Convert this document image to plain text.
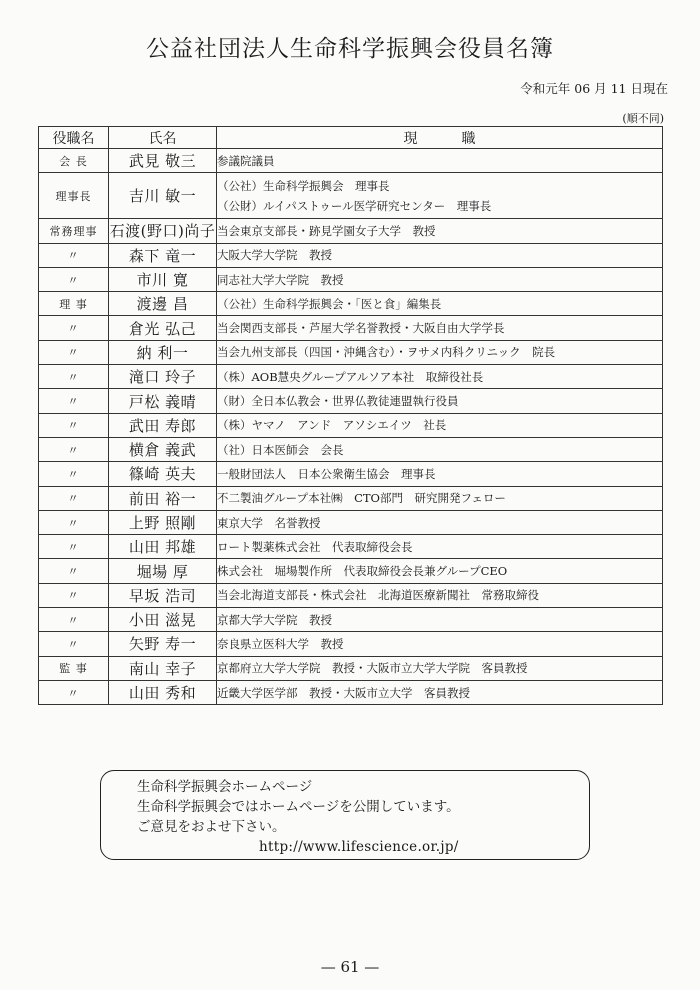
公益社団法人生命科学振興会役員名簿
令和元年 06 月 11 日現在
(順不同)
役職名	氏名	現職
会 長	武見 敬三	参議院議員

理事長	吉川 敏一	（公社）生命科学振興会　理事長
（公財）ルイパストゥール医学研究センター　理事長

常務理事	石渡(野口)尚子	当会東京支部長・跡見学園女子大学　教授

〃	森下 竜一	大阪大学大学院　教授

〃	市川 寛	同志社大学大学院　教授

理 事	渡邊 昌	（公社）生命科学振興会・「医と食」編集長

〃	倉光 弘己	当会関西支部長・芦屋大学名誉教授・大阪自由大学学長

〃	納 利一	当会九州支部長（四国・沖縄含む）・ヲサメ内科クリニック　院長

〃	滝口 玲子	（株）AOB慧央グループアルソア本社　取締役社長

〃	戸松 義晴	（財）全日本仏教会・世界仏教徒連盟執行役員

〃	武田 寿郎	（株）ヤマノ　アンド　アソシエイツ　社長

〃	横倉 義武	（社）日本医師会　会長

〃	篠崎 英夫	一般財団法人　日本公衆衛生協会　理事長

〃	前田 裕一	不二製油グループ本社㈱　CTO部門　研究開発フェロー

〃	上野 照剛	東京大学　名誉教授

〃	山田 邦雄	ロート製薬株式会社　代表取締役会長

〃	堀場 厚	株式会社　堀場製作所　代表取締役会長兼グループCEO

〃	早坂 浩司	当会北海道支部長・株式会社　北海道医療新聞社　常務取締役

〃	小田 滋晃	京都大学大学院　教授

〃	矢野 寿一	奈良県立医科大学　教授

監 事	南山 幸子	京都府立大学大学院　教授・大阪市立大学大学院　客員教授

〃	山田 秀和	近畿大学医学部　教授・大阪市立大学　客員教授
生命科学振興会ホームページ
生命科学振興会ではホームページを公開しています。
ご意見をおよせ下さい。
http://www.lifescience.or.jp/
— 61 —
